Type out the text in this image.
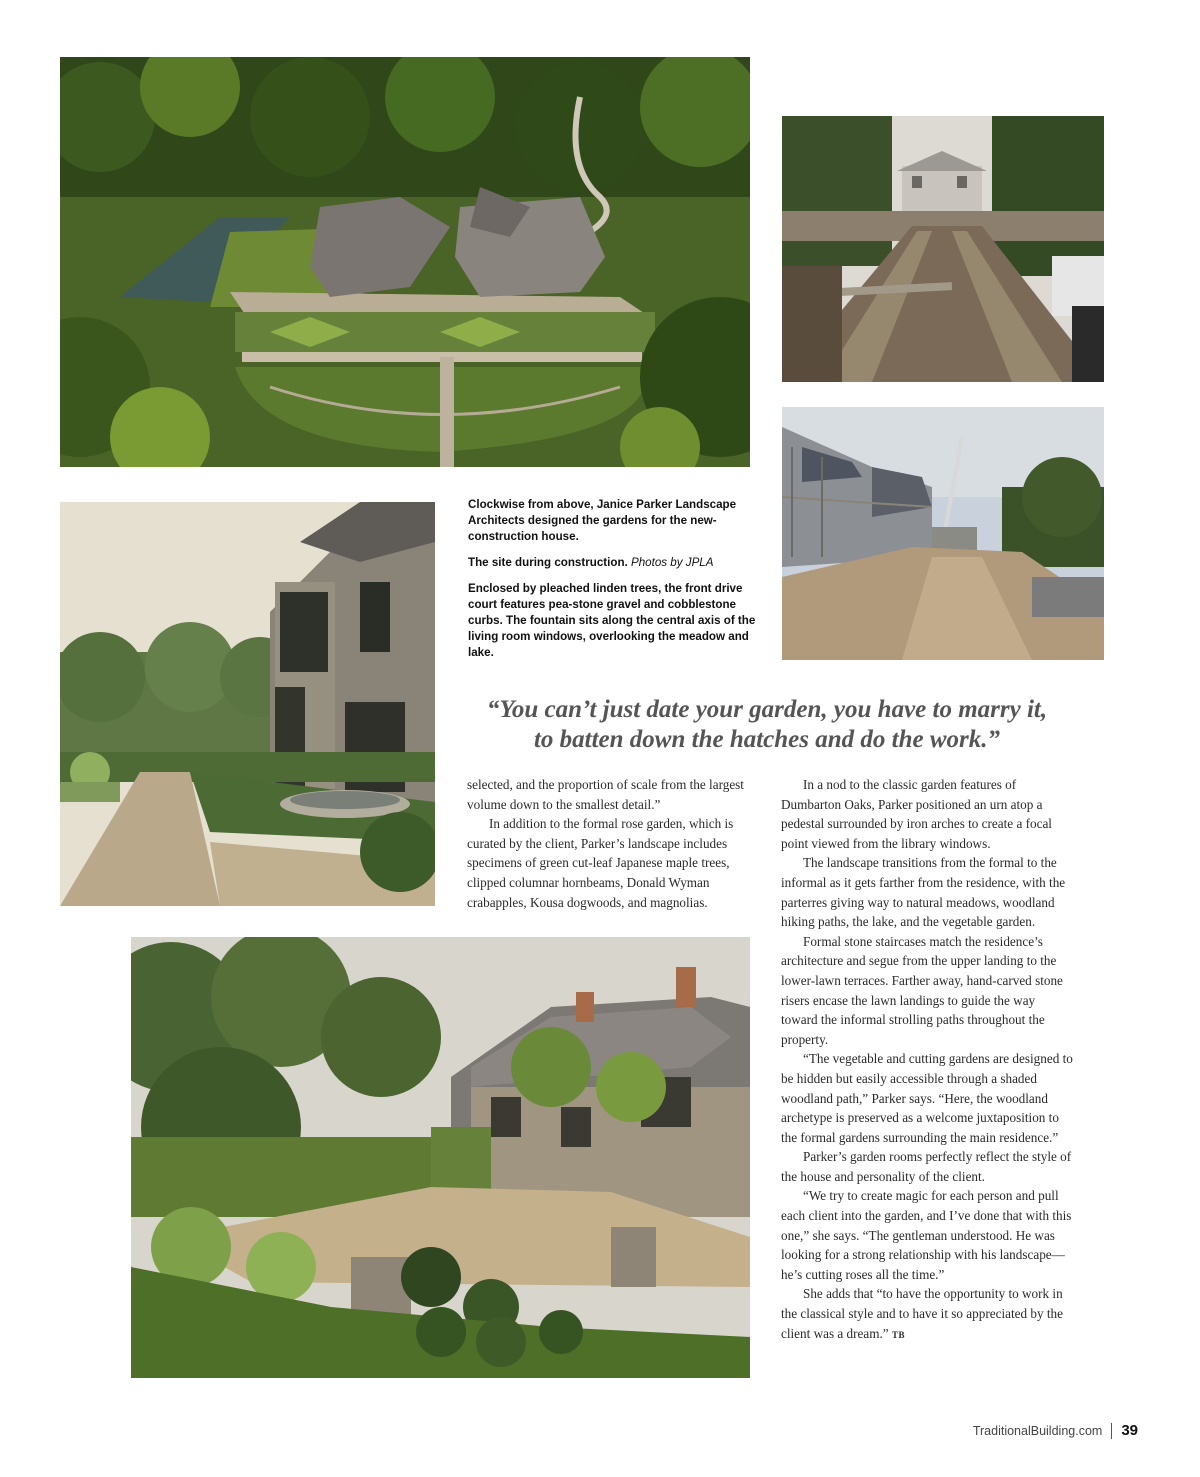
Clockwise from above, Janice Parker Landscape Architects designed the gardens for the new-construction house.

The site during construction. Photos by JPLA

Enclosed by pleached linden trees, the front drive court features pea-stone gravel and cobblestone curbs. The fountain sits along the central axis of the living room windows, overlooking the meadow and lake.

“You can’t just date your garden, you have to marry it,
to batten down the hatches and do the work.”

selected, and the proportion of scale from the largest volume down to the smallest detail.”

In addition to the formal rose garden, which is curated by the client, Parker’s landscape includes specimens of green cut-leaf Japanese maple trees, clipped columnar hornbeams, Donald Wyman crabapples, Kousa dogwoods, and magnolias.

In a nod to the classic garden features of Dumbarton Oaks, Parker positioned an urn atop a pedestal surrounded by iron arches to create a focal point viewed from the library windows.

The landscape transitions from the formal to the informal as it gets farther from the residence, with the parterres giving way to natural meadows, woodland hiking paths, the lake, and the vegetable garden.

Formal stone staircases match the residence’s architecture and segue from the upper landing to the lower-lawn terraces. Farther away, hand-carved stone risers encase the lawn landings to guide the way toward the informal strolling paths throughout the property.

“The vegetable and cutting gardens are designed to be hidden but easily accessible through a shaded woodland path,” Parker says. “Here, the woodland archetype is preserved as a welcome juxtaposition to the formal gardens surrounding the main residence.”

Parker’s garden rooms perfectly reflect the style of the house and personality of the client.

“We try to create magic for each person and pull each client into the garden, and I’ve done that with this one,” she says. “The gentleman understood. He was looking for a strong relationship with his landscape—he’s cutting roses all the time.”

She adds that “to have the opportunity to work in the classical style and to have it so appreciated by the client was a dream.” TB

TraditionalBuilding.com 39
